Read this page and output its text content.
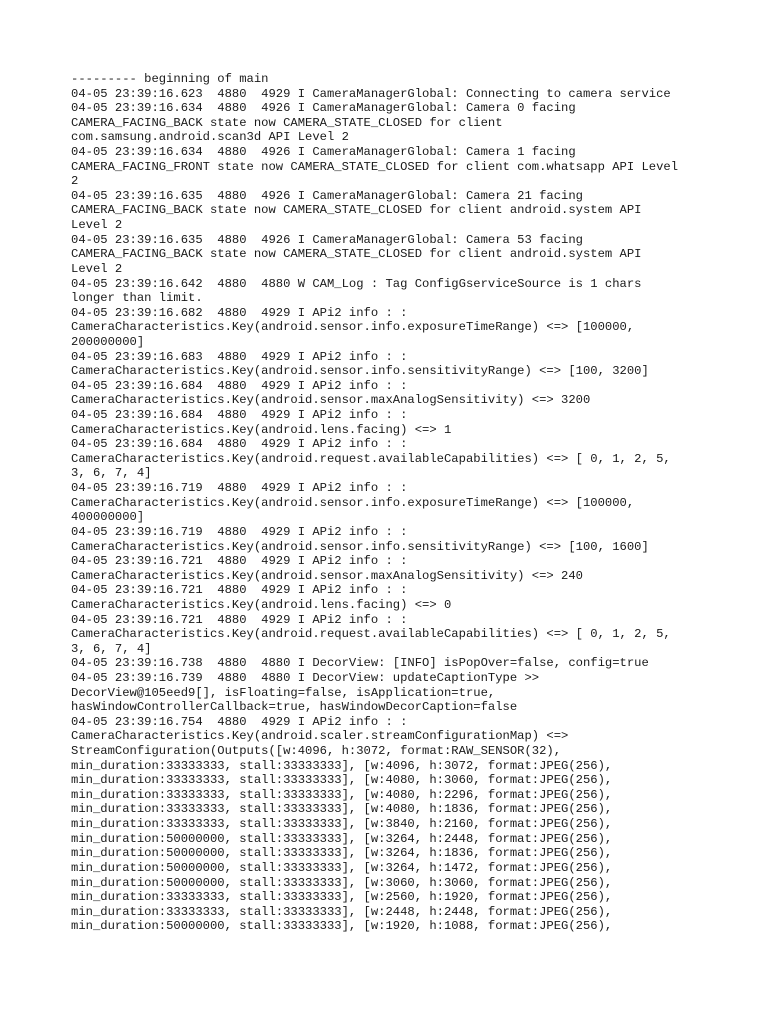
--------- beginning of main
04-05 23:39:16.623  4880  4929 I CameraManagerGlobal: Connecting to camera service
04-05 23:39:16.634  4880  4926 I CameraManagerGlobal: Camera 0 facing
CAMERA_FACING_BACK state now CAMERA_STATE_CLOSED for client
com.samsung.android.scan3d API Level 2
04-05 23:39:16.634  4880  4926 I CameraManagerGlobal: Camera 1 facing
CAMERA_FACING_FRONT state now CAMERA_STATE_CLOSED for client com.whatsapp API Level
2
04-05 23:39:16.635  4880  4926 I CameraManagerGlobal: Camera 21 facing
CAMERA_FACING_BACK state now CAMERA_STATE_CLOSED for client android.system API
Level 2
04-05 23:39:16.635  4880  4926 I CameraManagerGlobal: Camera 53 facing
CAMERA_FACING_BACK state now CAMERA_STATE_CLOSED for client android.system API
Level 2
04-05 23:39:16.642  4880  4880 W CAM_Log : Tag ConfigGserviceSource is 1 chars
longer than limit.
04-05 23:39:16.682  4880  4929 I APi2 info : :
CameraCharacteristics.Key(android.sensor.info.exposureTimeRange) <=> [100000,
200000000]
04-05 23:39:16.683  4880  4929 I APi2 info : :
CameraCharacteristics.Key(android.sensor.info.sensitivityRange) <=> [100, 3200]
04-05 23:39:16.684  4880  4929 I APi2 info : :
CameraCharacteristics.Key(android.sensor.maxAnalogSensitivity) <=> 3200
04-05 23:39:16.684  4880  4929 I APi2 info : :
CameraCharacteristics.Key(android.lens.facing) <=> 1
04-05 23:39:16.684  4880  4929 I APi2 info : :
CameraCharacteristics.Key(android.request.availableCapabilities) <=> [ 0, 1, 2, 5,
3, 6, 7, 4]
04-05 23:39:16.719  4880  4929 I APi2 info : :
CameraCharacteristics.Key(android.sensor.info.exposureTimeRange) <=> [100000,
400000000]
04-05 23:39:16.719  4880  4929 I APi2 info : :
CameraCharacteristics.Key(android.sensor.info.sensitivityRange) <=> [100, 1600]
04-05 23:39:16.721  4880  4929 I APi2 info : :
CameraCharacteristics.Key(android.sensor.maxAnalogSensitivity) <=> 240
04-05 23:39:16.721  4880  4929 I APi2 info : :
CameraCharacteristics.Key(android.lens.facing) <=> 0
04-05 23:39:16.721  4880  4929 I APi2 info : :
CameraCharacteristics.Key(android.request.availableCapabilities) <=> [ 0, 1, 2, 5,
3, 6, 7, 4]
04-05 23:39:16.738  4880  4880 I DecorView: [INFO] isPopOver=false, config=true
04-05 23:39:16.739  4880  4880 I DecorView: updateCaptionType >>
DecorView@105eed9[], isFloating=false, isApplication=true,
hasWindowControllerCallback=true, hasWindowDecorCaption=false
04-05 23:39:16.754  4880  4929 I APi2 info : :
CameraCharacteristics.Key(android.scaler.streamConfigurationMap) <=>
StreamConfiguration(Outputs([w:4096, h:3072, format:RAW_SENSOR(32),
min_duration:33333333, stall:33333333], [w:4096, h:3072, format:JPEG(256),
min_duration:33333333, stall:33333333], [w:4080, h:3060, format:JPEG(256),
min_duration:33333333, stall:33333333], [w:4080, h:2296, format:JPEG(256),
min_duration:33333333, stall:33333333], [w:4080, h:1836, format:JPEG(256),
min_duration:33333333, stall:33333333], [w:3840, h:2160, format:JPEG(256),
min_duration:50000000, stall:33333333], [w:3264, h:2448, format:JPEG(256),
min_duration:50000000, stall:33333333], [w:3264, h:1836, format:JPEG(256),
min_duration:50000000, stall:33333333], [w:3264, h:1472, format:JPEG(256),
min_duration:50000000, stall:33333333], [w:3060, h:3060, format:JPEG(256),
min_duration:33333333, stall:33333333], [w:2560, h:1920, format:JPEG(256),
min_duration:33333333, stall:33333333], [w:2448, h:2448, format:JPEG(256),
min_duration:50000000, stall:33333333], [w:1920, h:1088, format:JPEG(256),
